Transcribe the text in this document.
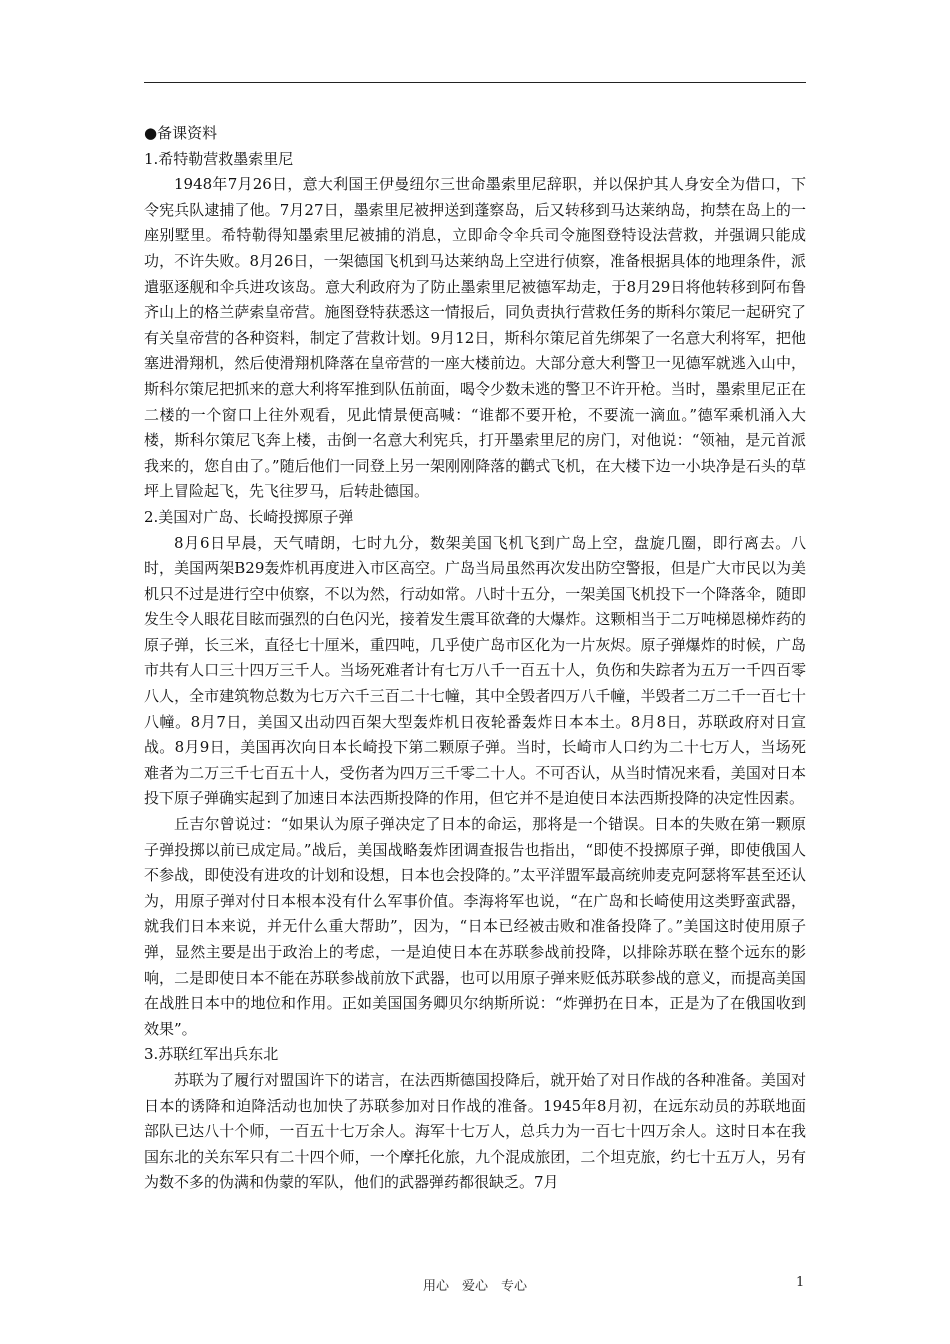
●备课资料

1.希特勒营救墨索里尼

1948年7月26日，意大利国王伊曼纽尔三世命墨索里尼辞职，并以保护其人身安全为借口，下令宪兵队逮捕了他。7月27日，墨索里尼被押送到蓬察岛，后又转移到马达莱纳岛，拘禁在岛上的一座别墅里。希特勒得知墨索里尼被捕的消息，立即命令伞兵司令施图登特设法营救，并强调只能成功，不许失败。8月26日，一架德国飞机到马达莱纳岛上空进行侦察，准备根据具体的地理条件，派遣驱逐舰和伞兵进攻该岛。意大利政府为了防止墨索里尼被德军劫走，于8月29日将他转移到阿布鲁齐山上的格兰萨索皇帝营。施图登特获悉这一情报后，同负责执行营救任务的斯科尔策尼一起研究了有关皇帝营的各种资料，制定了营救计划。9月12日，斯科尔策尼首先绑架了一名意大利将军，把他塞进滑翔机，然后使滑翔机降落在皇帝营的一座大楼前边。大部分意大利警卫一见德军就逃入山中，斯科尔策尼把抓来的意大利将军推到队伍前面，喝令少数未逃的警卫不许开枪。当时，墨索里尼正在二楼的一个窗口上往外观看，见此情景便高喊：“谁都不要开枪，不要流一滴血。”德军乘机涌入大楼，斯科尔策尼飞奔上楼，击倒一名意大利宪兵，打开墨索里尼的房门，对他说：“领袖，是元首派我来的，您自由了。”随后他们一同登上另一架刚刚降落的鹳式飞机，在大楼下边一小块净是石头的草坪上冒险起飞，先飞往罗马，后转赴德国。

2.美国对广岛、长崎投掷原子弹

8月6日早晨，天气晴朗，七时九分，数架美国飞机飞到广岛上空，盘旋几圈，即行离去。八时，美国两架B29轰炸机再度进入市区高空。广岛当局虽然再次发出防空警报，但是广大市民以为美机只不过是进行空中侦察，不以为然，行动如常。八时十五分，一架美国飞机投下一个降落伞，随即发生令人眼花目眩而强烈的白色闪光，接着发生震耳欲聋的大爆炸。这颗相当于二万吨梯恩梯炸药的原子弹，长三米，直径七十厘米，重四吨，几乎使广岛市区化为一片灰烬。原子弹爆炸的时候，广岛市共有人口三十四万三千人。当场死难者计有七万八千一百五十人，负伤和失踪者为五万一千四百零八人，全市建筑物总数为七万六千三百二十七幢，其中全毁者四万八千幢，半毁者二万二千一百七十八幢。8月7日，美国又出动四百架大型轰炸机日夜轮番轰炸日本本土。8月8日，苏联政府对日宣战。8月9日，美国再次向日本长崎投下第二颗原子弹。当时，长崎市人口约为二十七万人，当场死难者为二万三千七百五十人，受伤者为四万三千零二十人。不可否认，从当时情况来看，美国对日本投下原子弹确实起到了加速日本法西斯投降的作用，但它并不是迫使日本法西斯投降的决定性因素。

丘吉尔曾说过：“如果认为原子弹决定了日本的命运，那将是一个错误。日本的失败在第一颗原子弹投掷以前已成定局。”战后，美国战略轰炸团调查报告也指出，“即使不投掷原子弹，即使俄国人不参战，即使没有进攻的计划和设想，日本也会投降的。”太平洋盟军最高统帅麦克阿瑟将军甚至还认为，用原子弹对付日本根本没有什么军事价值。李海将军也说，“在广岛和长崎使用这类野蛮武器，就我们日本来说，并无什么重大帮助”，因为，“日本已经被击败和准备投降了。”美国这时使用原子弹，显然主要是出于政治上的考虑，一是迫使日本在苏联参战前投降，以排除苏联在整个远东的影响，二是即使日本不能在苏联参战前放下武器，也可以用原子弹来贬低苏联参战的意义，而提高美国在战胜日本中的地位和作用。正如美国国务卿贝尔纳斯所说：“炸弹扔在日本，正是为了在俄国收到效果”。

3.苏联红军出兵东北

苏联为了履行对盟国许下的诺言，在法西斯德国投降后，就开始了对日作战的各种准备。美国对日本的诱降和迫降活动也加快了苏联参加对日作战的准备。1945年8月初，在远东动员的苏联地面部队已达八十个师，一百五十七万余人。海军十七万人，总兵力为一百七十四万余人。这时日本在我国东北的关东军只有二十四个师，一个摩托化旅，九个混成旅团，二个坦克旅，约七十五万人，另有为数不多的伪满和伪蒙的军队，他们的武器弹药都很缺乏。7月

用心　爱心　专心	1
